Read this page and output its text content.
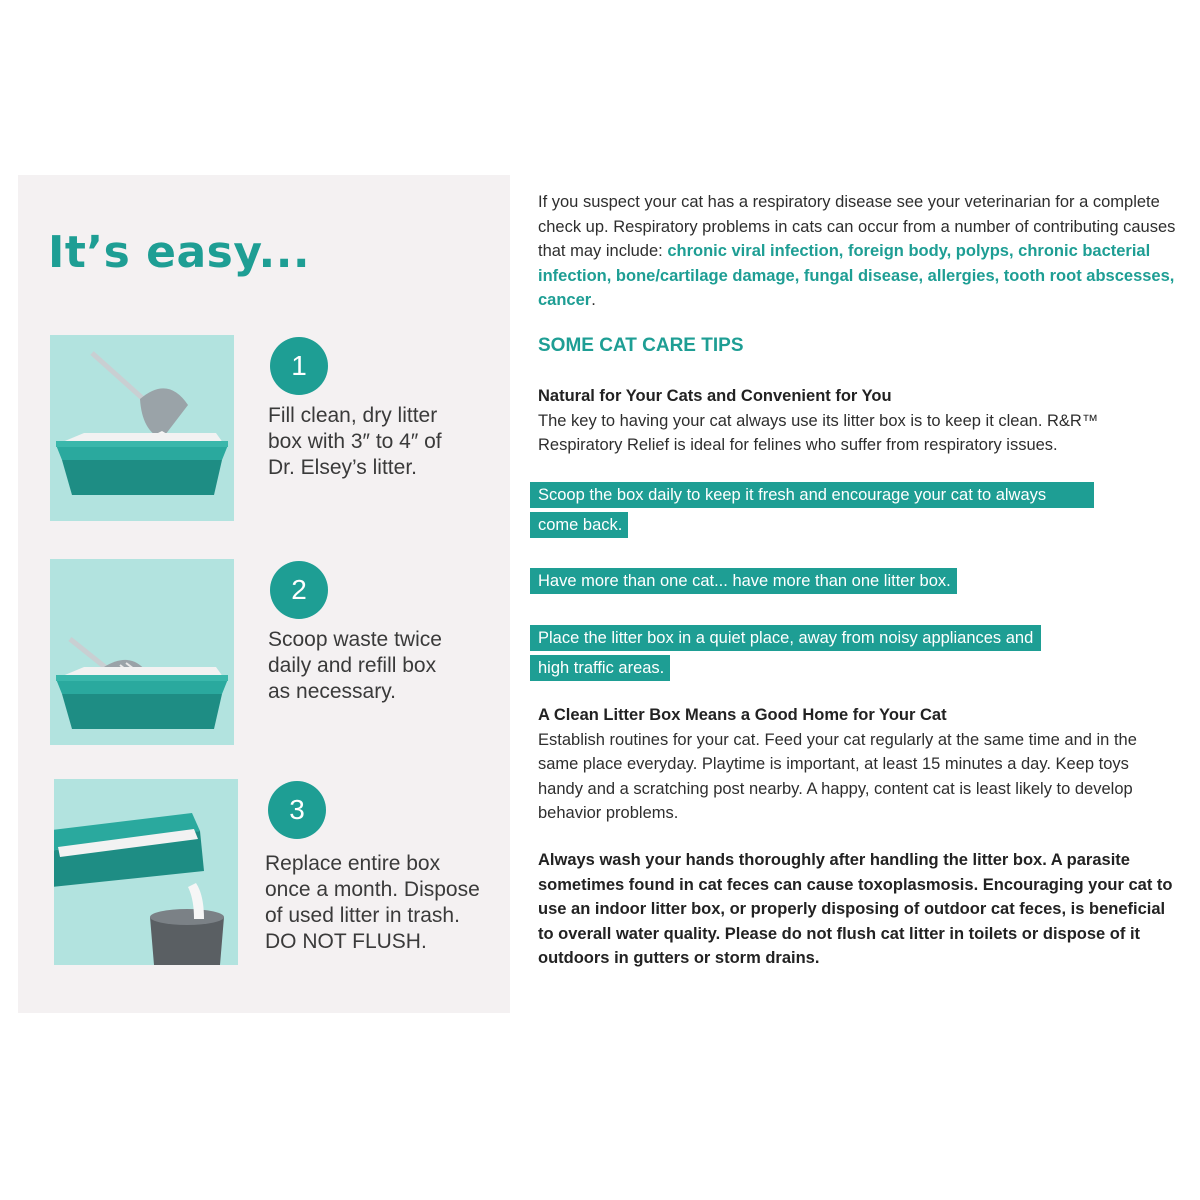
It’s easy...
1
Fill clean, dry litter
box with 3″ to 4″ of
Dr. Elsey’s litter.
2
Scoop waste twice
daily and refill box
as necessary.
3
Replace entire box
once a month. Dispose
of used litter in trash.
DO NOT FLUSH.

If you suspect your cat has a respiratory disease see your veterinarian for a complete check up. Respiratory problems in cats can occur from a number of contributing causes that may include: chronic viral infection, foreign body, polyps, chronic bacterial infection, bone/cartilage damage, fungal disease, allergies, tooth root abscesses, cancer.

SOME CAT CARE TIPS

Natural for Your Cats and Convenient for You
The key to having your cat always use its litter box is to keep it clean. R&R™ Respiratory Relief is ideal for felines who suffer from respiratory issues.

Scoop the box daily to keep it fresh and encourage your cat to always
come back.
Have more than one cat... have more than one litter box.
Place the litter box in a quiet place, away from noisy appliances and
high traffic areas.

A Clean Litter Box Means a Good Home for Your Cat
Establish routines for your cat. Feed your cat regularly at the same time and in the same place everyday. Playtime is important, at least 15 minutes a day. Keep toys handy and a scratching post nearby. A happy, content cat is least likely to develop behavior problems.

Always wash your hands thoroughly after handling the litter box. A parasite sometimes found in cat feces can cause toxoplasmosis. Encouraging your cat to use an indoor litter box, or properly disposing of outdoor cat feces, is beneficial to overall water quality. Please do not flush cat litter in toilets or dispose of it outdoors in gutters or storm drains.
